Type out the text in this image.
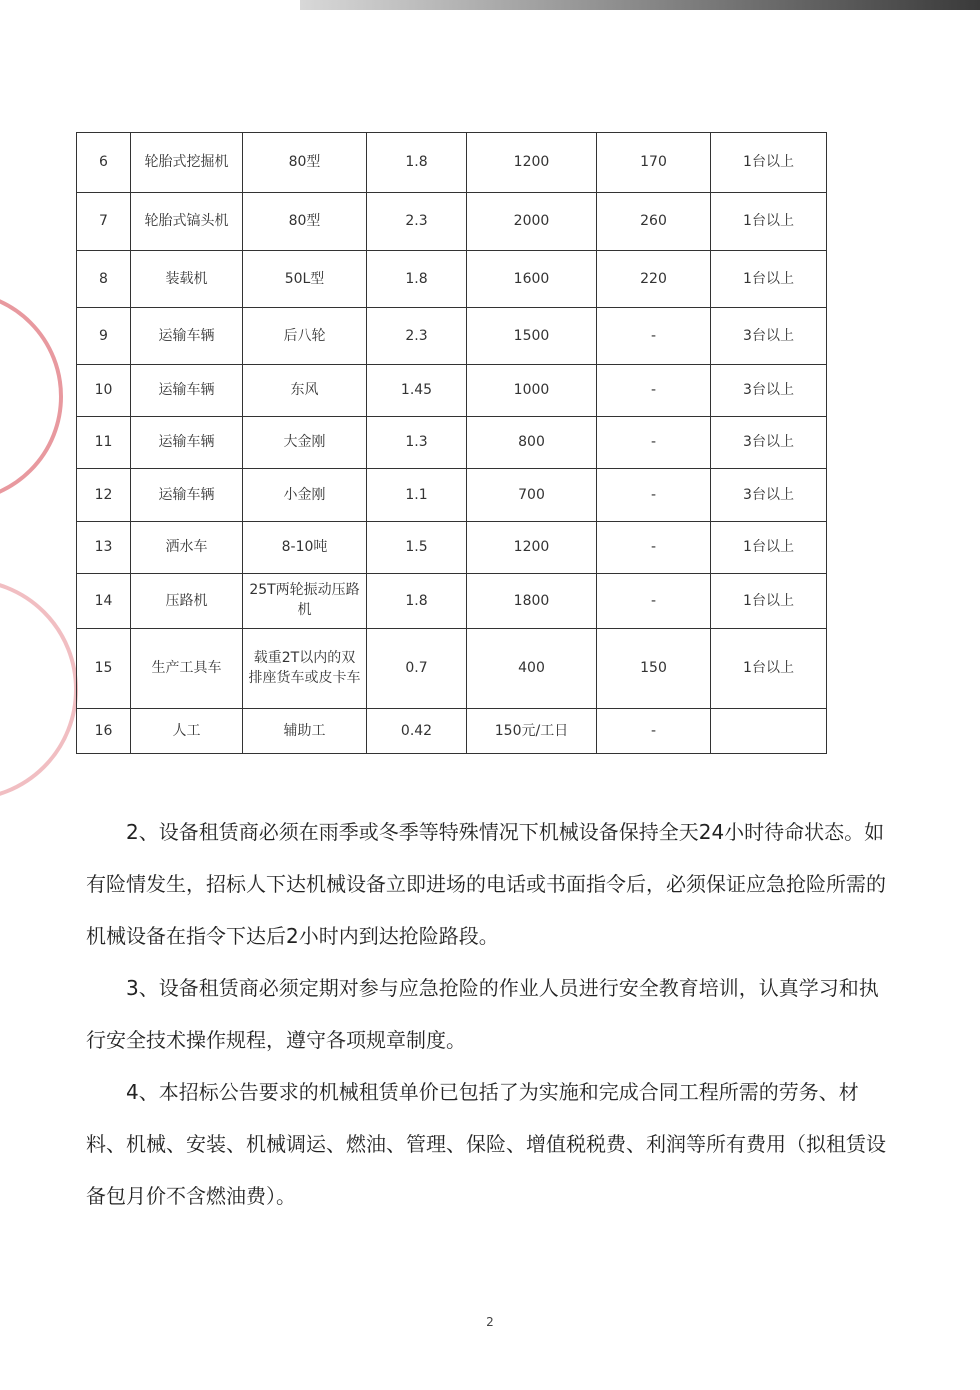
6	轮胎式挖掘机	80型	1.8	1200	170	1台以上
7	轮胎式镐头机	80型	2.3	2000	260	1台以上
8	装载机	50L型	1.8	1600	220	1台以上
9	运输车辆	后八轮	2.3	1500	-	3台以上
10	运输车辆	东风	1.45	1000	-	3台以上
11	运输车辆	大金刚	1.3	800	-	3台以上
12	运输车辆	小金刚	1.1	700	-	3台以上
13	洒水车	8-10吨	1.5	1200	-	1台以上
14	压路机	25T两轮振动压路机	1.8	1800	-	1台以上
15	生产工具车	载重2T以内的双排座货车或皮卡车	0.7	400	150	1台以上
16	人工	辅助工	0.42	150元/工日	-	

2、设备租赁商必须在雨季或冬季等特殊情况下机械设备保持全天24小时待命状态。如有险情发生，招标人下达机械设备立即进场的电话或书面指令后，必须保证应急抢险所需的机械设备在指令下达后2小时内到达抢险路段。

3、设备租赁商必须定期对参与应急抢险的作业人员进行安全教育培训，认真学习和执行安全技术操作规程，遵守各项规章制度。

4、本招标公告要求的机械租赁单价已包括了为实施和完成合同工程所需的劳务、材料、机械、安装、机械调运、燃油、管理、保险、增值税税费、利润等所有费用（拟租赁设备包月价不含燃油费）。

2
